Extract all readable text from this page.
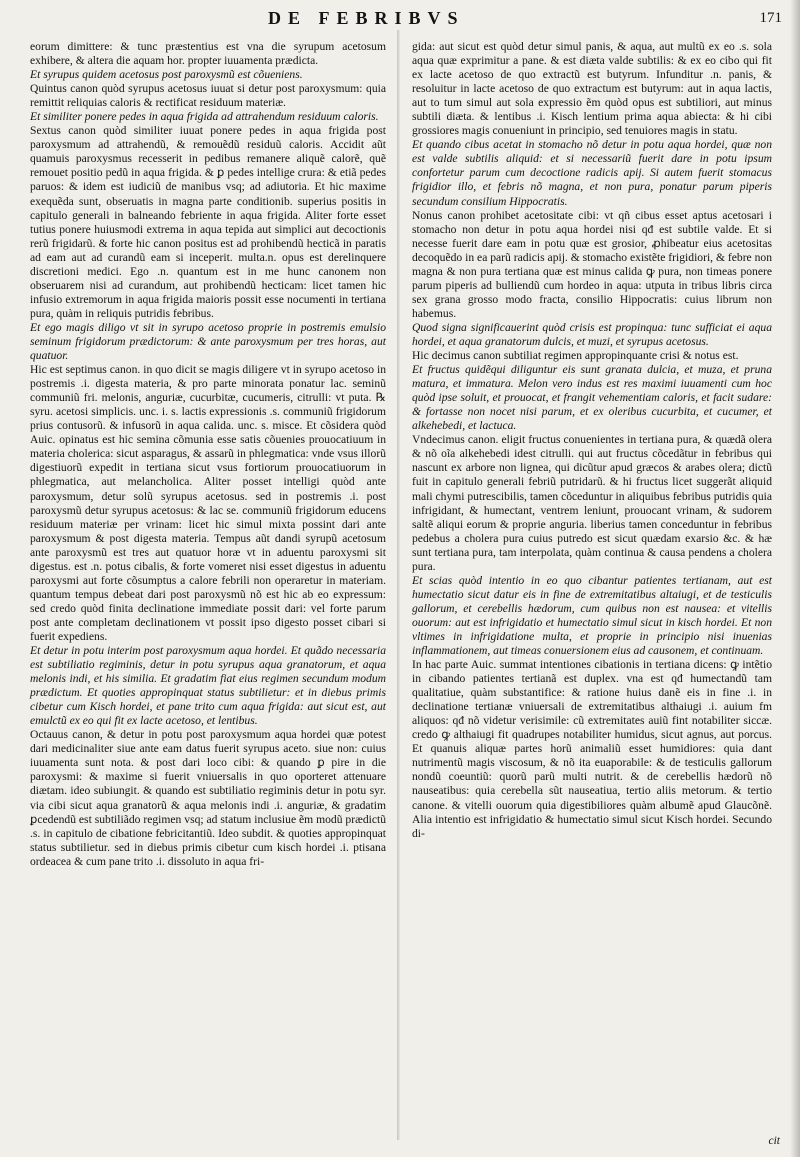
DE FEBRIBVS	171

eorum dimittere: & tunc præstentius est vna die syrupum acetosum exhibere, & altera die aquam hor. propter iuuamenta prædicta.

Et syrupus quidem acetosus post paroxysmũ est cõueniens.

Quintus canon quòd syrupus acetosus iuuat si detur post paroxysmum: quia remittit reliquias caloris & rectificat residuum materiæ.

Et similiter ponere pedes in aqua frigida ad attrahendum residuum caloris.

Sextus canon quòd similiter iuuat ponere pedes in aqua frigida post paroxysmum ad attrahendũ, & remouẽdũ residuũ caloris. Accidit aũt quamuis paroxysmus recesserit in pedibus remanere aliquẽ calorẽ, quẽ remouet positio pedũ in aqua frigida. & ꝑ pedes intellige crura: & etiã pedes paruos: & idem est iudiciũ de manibus vsq; ad adiutoria. Et hic maxime exequẽda sunt, obseruatis in magna parte conditionib. superius positis in capitulo generali in balneando febriente in aqua frigida. Aliter forte esset tutius ponere huiusmodi extrema in aqua tepida aut simplici aut decoctionis rerũ frigidarũ. & forte hic canon positus est ad prohibendũ hecticã in paratis ad eam aut ad curandũ eam si inceperit. multa.n. opus est derelinquere discretioni medici. Ego .n. quantum est in me hunc canonem non obseruarem nisi ad curandum, aut prohibendũ hecticam: licet tamen hic infusio extremorum in aqua frigida maioris possit esse nocumenti in tertiana pura, quàm in reliquis putridis febribus.

Et ego magis diligo vt sit in syrupo acetoso proprie in postremis emulsio seminum frigidorum prædictorum: & ante paroxysmum per tres horas, aut quatuor.

Hic est septimus canon. in quo dicit se magis diligere vt in syrupo acetoso in postremis .i. digesta materia, & pro parte minorata ponatur lac. seminũ communiũ fri. melonis, anguriæ, cucurbitæ, cucumeris, citrulli: vt puta. ℞ syru. acetosi simplicis. unc. i. s. lactis expressionis .s. communiũ frigidorum prius contusorũ. & infusorũ in aqua calida. unc. s. misce. Et cõsidera quòd Auic. opinatus est hic semina cõmunia esse satis cõuenies prouocatiuum in materia cholerica: sicut asparagus, & assarũ in phlegmatica: vnde vsus illorũ digestiuorũ expedit in tertiana sicut vsus fortiorum prouocatiuorum in phlegmatica, aut melancholica. Aliter posset intelligi quòd ante paroxysmum, detur solũ syrupus acetosus. sed in postremis .i. post paroxysmũ detur syrupus acetosus: & lac se. communiũ frigidorum educens residuum materiæ per vrinam: licet hic simul mixta possint dari ante paroxysmum & post digesta materia. Tempus aũt dandi syrupũ acetosum ante paroxysmũ est tres aut quatuor horæ vt in aduentu paroxysmi sit digestus. est .n. potus cibalis, & forte vomeret nisi esset digestus in aduentu paroxysmi aut forte cõsumptus a calore febrili non operaretur in materiam. quantum tempus debeat dari post paroxysmũ nõ est hic ab eo expressum: sed credo quòd finita declinatione immediate possit dari: vel forte parum post ante completam declinationem vt possit ipso digesto posset cibari si fuerit expediens.

Et detur in potu interim post paroxysmum aqua hordei. Et quãdo necessaria est subtiliatio regiminis, detur in potu syrupus aqua granatorum, et aqua melonis indi, et his similia. Et gradatim fiat eius regimen secundum modum prædictum. Et quoties appropinquat status subtilietur: et in diebus primis cibetur cum Kisch hordei, et pane trito cum aqua frigida: aut sicut est, aut emulctũ ex eo qui fit ex lacte acetoso, et lentibus.

Octauus canon, & detur in potu post paroxysmum aqua hordei quæ potest dari medicinaliter siue ante eam datus fuerit syrupus aceto. siue non: cuius iuuamenta sunt nota. & post dari loco cibi: & quando ꝑ pire in die paroxysmi: & maxime si fuerit vniuersalis in quo oporteret attenuare diætam. ideo subiungit. & quando est subtiliatio regiminis detur in potu syr. via cibi sicut aqua granatorũ & aqua melonis indi .i. anguriæ, & gradatim ꝑcedendũ est subtiliãdo regimen vsq; ad statum inclusiue ẽm modũ prædictũ .s. in capitulo de cibatione febricitantiũ. Ideo subdit. & quoties appropinquat status subtilietur. sed in diebus primis cibetur cum kisch hordei .i. ptisana ordeacea & cum pane trito .i. dissoluto in aqua fri-

gida: aut sicut est quòd detur simul panis, & aqua, aut multũ ex eo .s. sola aqua quæ exprimitur a pane. & est diæta valde subtilis: & ex eo cibo qui fit ex lacte acetoso de quo extractũ est butyrum. Infunditur .n. panis, & resoluitur in lacte acetoso de quo extractum est butyrum: aut in aqua lactis, aut to tum simul aut sola expressio ẽm quòd opus est subtiliori, aut minus subtili diæta. & lentibus .i. Kisch lentium prima aqua abiecta: & hi cibi grossiores magis conueniunt in principio, sed tenuiores magis in statu.

Et quando cibus acetat in stomacho nõ detur in potu aqua hordei, quæ non est valde subtilis aliquid: et si necessariũ fuerit dare in potu ipsum confortetur parum cum decoctione radicis apij. Si autem fuerit stomacus frigidior illo, et febris nõ magna, et non pura, ponatur parum piperis secundum consilium Hippocratis.

Nonus canon prohibet acetositate cibi: vt qñ cibus esset aptus acetosari i stomacho non detur in potu aqua hordei nisi qđ est subtile valde. Et si necesse fuerit dare eam in potu quæ est grosior, ꝓhibeatur eius acetositas decoquẽdo in ea parũ radicis apij. & stomacho existẽte frigidiori, & febre non magna & non pura tertiana quæ est minus calida ꝙ pura, non timeas ponere parum piperis ad bulliendũ cum hordeo in aqua: utputa in tribus libris circa sex grana grosso modo fracta, consilio Hippocratis: cuius librum non habemus.

Quod signa significauerint quòd crisis est propinqua: tunc sufficiat ei aqua hordei, et aqua granatorum dulcis, et muzi, et syrupus acetosus.

Hic decimus canon subtiliat regimen appropinquante crisi & notus est.

Et fructus quidẽqui diliguntur eis sunt granata dulcia, et muza, et pruna matura, et immatura. Melon vero indus est res maximi iuuamenti cum hoc quòd ipse soluit, et prouocat, et frangit vehementiam caloris, et facit sudare: & fortasse non nocet nisi parum, et ex oleribus cucurbita, et cucumer, et alkehebedi, et lactuca.

Vndecimus canon. eligit fructus conuenientes in tertiana pura, & quædã olera & nõ oĩa alkehebedi idest citrulli. qui aut fructus cõcedãtur in febribus qui nascunt ex arbore non lignea, qui dicũtur apud græcos & arabes olera; dictũ fuit in capitulo generali febriũ putridarũ. & hi fructus licet suggerãt aliquid mali chymi putrescibilis, tamen cõceduntur in aliquibus febribus putridis quia infrigidant, & humectant, ventrem leniunt, prouocant vrinam, & sudorem saltẽ aliqui eorum & proprie anguria. liberius tamen conceduntur in febribus pedebus a cholera pura cuius putredo est sicut quædam exarsio &c. & hæ sunt tertiana pura, tam interpolata, quàm continua & causa pendens a cholera pura.

Et scias quòd intentio in eo quo cibantur patientes tertianam, aut est humectatio sicut datur eis in fine de extremitatibus altaiugi, et de testiculis gallorum, et cerebellis hædorum, cum quibus non est nausea: et vitellis ouorum: aut est infrigidatio et humectatio simul sicut in kisch hordei. Et non vltimes in infrigidatione multa, et proprie in principio nisi inuenias inflammationem, aut timeas conuersionem eius ad causonem, et continuam.

In hac parte Auic. summat intentiones cibationis in tertiana dicens: ꝙ intẽtio in cibando patientes tertianã est duplex. vna est qđ humectandũ tam qualitatiue, quàm substantifice: & ratione huius danẽ eis in fine .i. in declinatione tertianæ vniuersali de extremitatibus althaiugi .i. auium fm aliquos: qđ nõ videtur verisimile: cũ extremitates auiũ fint notabiliter siccæ. credo ꝙ althaiugi fit quadrupes notabiliter humidus, sicut agnus, aut porcus. Et quanuis aliquæ partes horũ animaliũ esset humidiores: quia dant nutrimentũ magis viscosum, & nõ ita euaporabile: & de testiculis gallorum nondũ coeuntiũ: quorũ parũ multi nutrit. & de cerebellis hædorũ nõ nauseatibus: quia cerebella sũt nauseatiua, tertio aliis metorum. & tertio canone. & vitelli ouorum quia digestibiliores quàm albumẽ apud Glaucõnẽ. Alia intentio est infrigidatio & humectatio simul sicut Kisch hordei. Secundo di-

cit
